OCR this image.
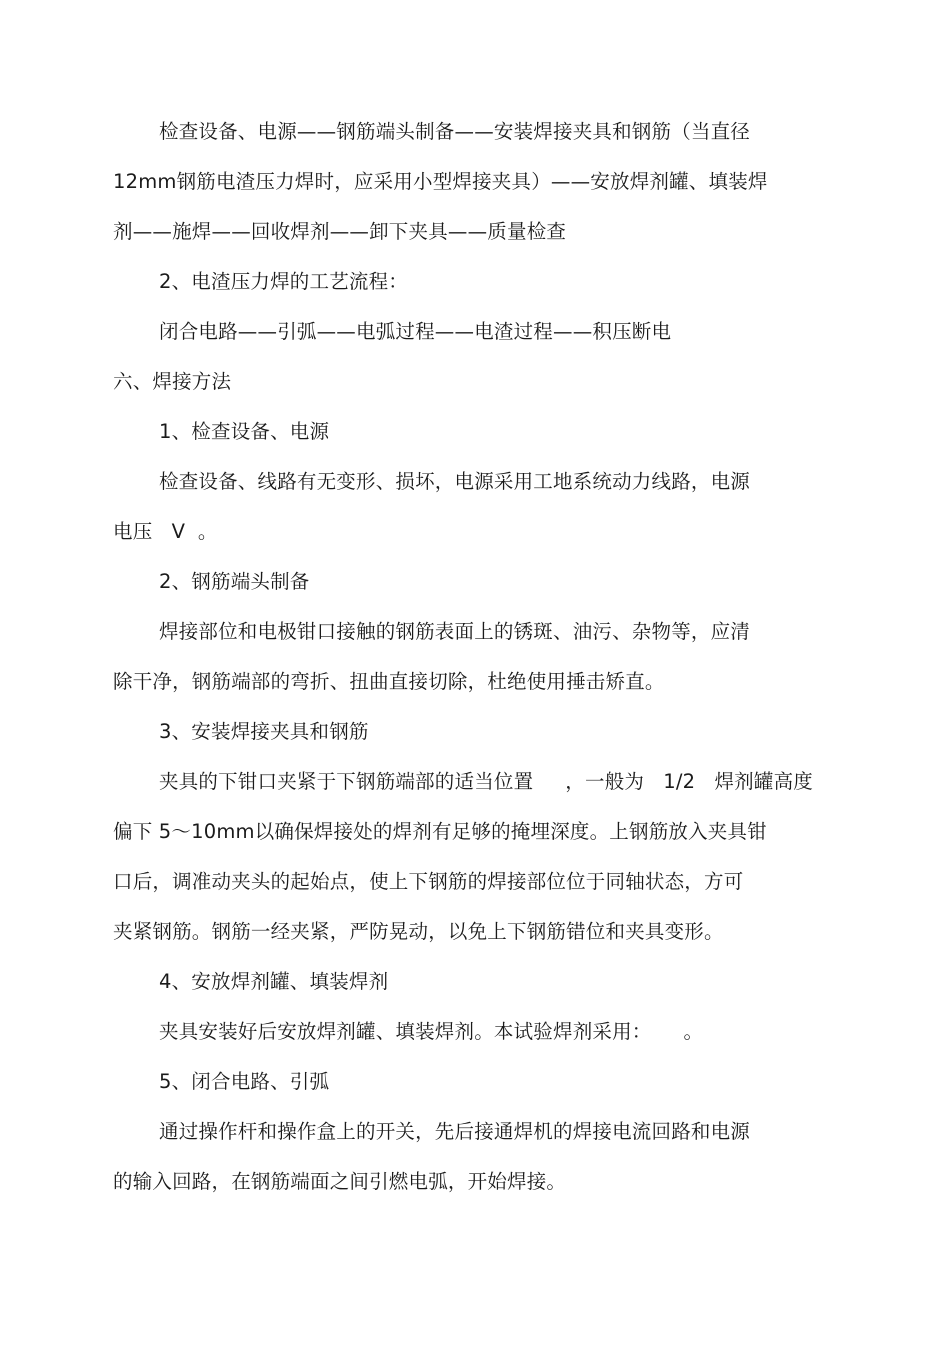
检查设备、电源——钢筋端头制备——安装焊接夹具和钢筋（当直径
12mm钢筋电渣压力焊时，应采用小型焊接夹具）——安放焊剂罐、填装焊
剂——施焊——回收焊剂——卸下夹具——质量检查
2、电渣压力焊的工艺流程：
闭合电路——引弧——电弧过程——电渣过程——积压断电
六、焊接方法
1、检查设备、电源
检查设备、线路有无变形、损坏，电源采用工地系统动力线路，电源
电压   V  。
2、钢筋端头制备
焊接部位和电极钳口接触的钢筋表面上的锈斑、油污、杂物等，应清
除干净，钢筋端部的弯折、扭曲直接切除，杜绝使用捶击矫直。
3、安装焊接夹具和钢筋
夹具的下钳口夹紧于下钢筋端部的适当位置     ，一般为   1/2   焊剂罐高度
偏下 5～10mm以确保焊接处的焊剂有足够的掩埋深度。上钢筋放入夹具钳
口后，调准动夹头的起始点，使上下钢筋的焊接部位位于同轴状态，方可
夹紧钢筋。钢筋一经夹紧，严防晃动，以免上下钢筋错位和夹具变形。
4、安放焊剂罐、填装焊剂
夹具安装好后安放焊剂罐、填装焊剂。本试验焊剂采用：     。
5、闭合电路、引弧
通过操作杆和操作盒上的开关，先后接通焊机的焊接电流回路和电源
的输入回路，在钢筋端面之间引燃电弧，开始焊接。
